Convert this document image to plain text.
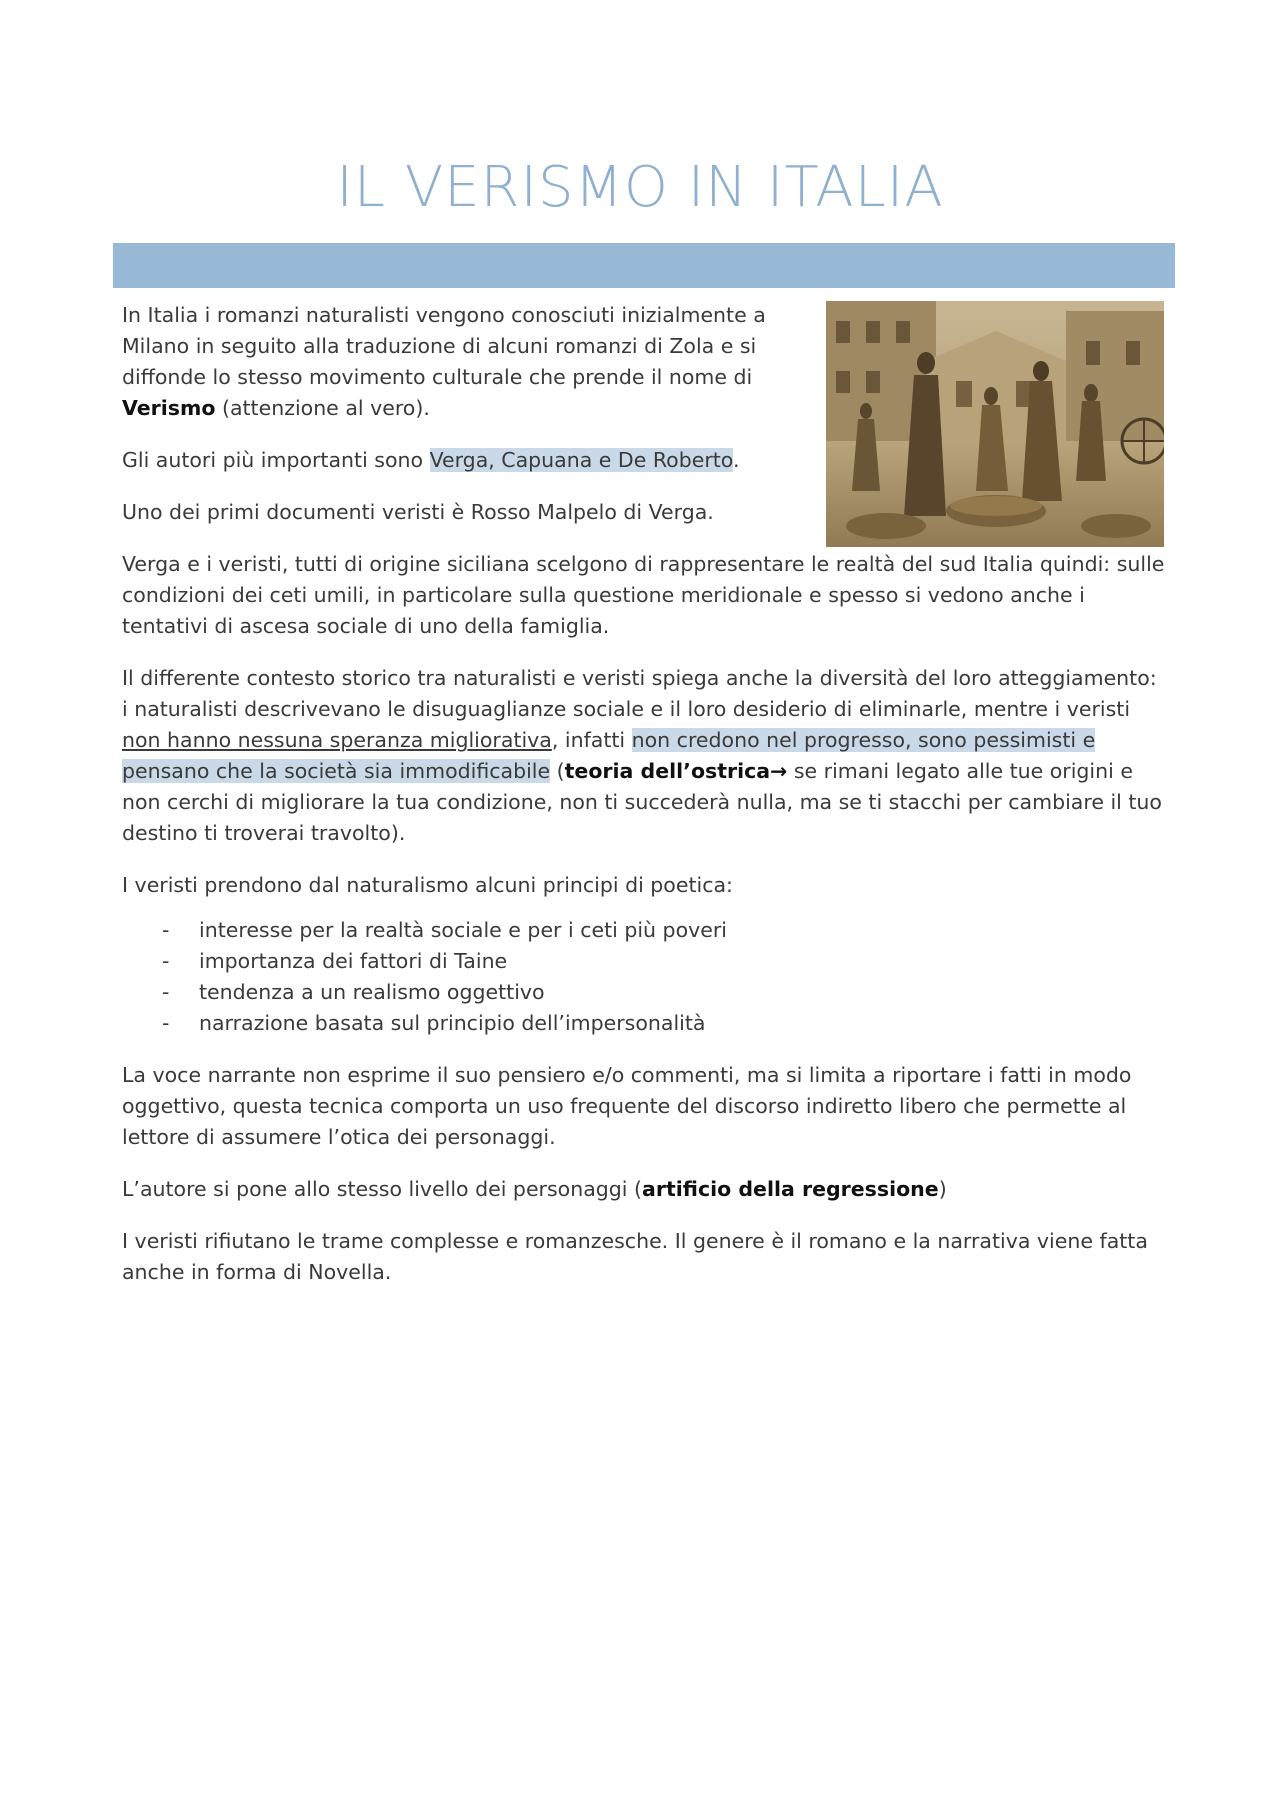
IL VERISMO IN ITALIA

In Italia i romanzi naturalisti vengono conosciuti inizialmente a Milano in seguito alla traduzione di alcuni romanzi di Zola e si diffonde lo stesso movimento culturale che prende il nome di Verismo (attenzione al vero).

Gli autori più importanti sono Verga, Capuana e De Roberto.

Uno dei primi documenti veristi è Rosso Malpelo di Verga.

Verga e i veristi, tutti di origine siciliana scelgono di rappresentare le realtà del sud Italia quindi: sulle condizioni dei ceti umili, in particolare sulla questione meridionale e spesso si vedono anche i tentativi di ascesa sociale di uno della famiglia.

Il differente contesto storico tra naturalisti e veristi spiega anche la diversità del loro atteggiamento: i naturalisti descrivevano le disuguaglianze sociale e il loro desiderio di eliminarle, mentre i veristi non hanno nessuna speranza migliorativa, infatti non credono nel progresso, sono pessimisti e pensano che la società sia immodificabile (teoria dell’ostrica→ se rimani legato alle tue origini e non cerchi di migliorare la tua condizione, non ti succederà nulla, ma se ti stacchi per cambiare il tuo destino ti troverai travolto).

I veristi prendono dal naturalismo alcuni principi di poetica:

- interesse per la realtà sociale e per i ceti più poveri
- importanza dei fattori di Taine
- tendenza a un realismo oggettivo
- narrazione basata sul principio dell’impersonalità

La voce narrante non esprime il suo pensiero e/o commenti, ma si limita a riportare i fatti in modo oggettivo, questa tecnica comporta un uso frequente del discorso indiretto libero che permette al lettore di assumere l’otica dei personaggi.

L’autore si pone allo stesso livello dei personaggi (artificio della regressione)

I veristi rifiutano le trame complesse e romanzesche. Il genere è il romano e la narrativa viene fatta anche in forma di Novella.
